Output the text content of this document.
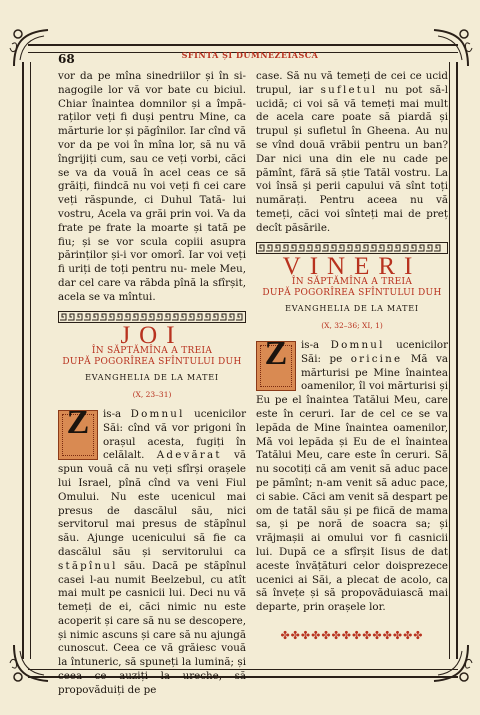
68	SFINTA ȘI DUMNEZEIASCA

vor da pe mîna sinedriilor și în si- nagogile lor vă vor bate cu biciul. Chiar înaintea domnilor și a împă- raților veți fi duși pentru Mine, ca mărturie lor și păgînilor. Iar cînd vă vor da pe voi în mîna lor, să nu vă îngrijiți cum, sau ce veți vorbi, căci se va da vouă în acel ceas ce să grăiți, fiindcă nu voi veți fi cei care veți răspunde, ci Duhul Tată- lui vostru, Acela va grăi prin voi. Va da frate pe frate la moarte și tată pe fiu; și se vor scula copiii asupra părinților și-i vor omorî. Iar voi veți fi uriți de toți pentru nu- mele Meu, dar cel care va răbda pînă la sfîrșit, acela se va mîntui.

JOI
ÎN SĂPTĂMÎNA A TREIA
DUPĂ POGORÎREA SFÎNTULUI DUH
EVANGHELIA DE LA MATEI
(X, 23–31)

Z	is-a Domnul ucenicilor Săi: cînd vă vor prigoni în orașul acesta, fugiți în celălalt. Adevărat vă spun vouă că nu veți sfîrși orașele lui Israel, pînă cînd va veni Fiul Omului. Nu este ucenicul mai presus de dascălul său, nici servitorul mai presus de stăpînul său. Ajunge ucenicului să fie ca dascălul său și servitorului ca stăpînul său. Dacă pe stăpînul casei l-au numit Beelzebul, cu atît mai mult pe casnicii lui. Deci nu vă temeți de ei, căci nimic nu este acoperit și care să nu se descopere, și nimic ascuns și care să nu ajungă cunoscut. Ceea ce vă grăiesc vouă la întuneric, să spuneți la lumină; și ceea ce auziți la ureche, să propovăduiți de pe

case. Să nu vă temeți de cei ce ucid trupul, iar sufletul nu pot să-l ucidă; ci voi să vă temeți mai mult de acela care poate să piardă și trupul și sufletul în Gheena. Au nu se vînd două vrăbii pentru un ban? Dar nici una din ele nu cade pe pămînt, fără să știe Tatăl vostru. La voi însă și perii capului vă sînt toți numărați. Pentru aceea nu vă temeți, căci voi sînteți mai de preț decît păsările.

VINERI
ÎN SĂPTĂMÎNA A TREIA
DUPĂ POGORÎREA SFÎNTULUI DUH
EVANGHELIA DE LA MATEI
(X, 32–36; XI, 1)

Z	is-a Domnul ucenicilor Săi: pe oricine Mă va mărturisi pe Mine înaintea oamenilor, îl voi mărturisi și Eu pe el înaintea Tatălui Meu, care este în ceruri. Iar de cel ce se va lepăda de Mine înaintea oamenilor, Mă voi lepăda și Eu de el înaintea Tatălui Meu, care este în ceruri. Să nu socotiți că am venit să aduc pace pe pămînt; n-am venit să aduc pace, ci sabie. Căci am venit să despart pe om de tatăl său și pe fiică de mama sa, și pe noră de soacra sa; și vrăjmașii ai omului vor fi casnicii lui. După ce a sfîrșit Iisus de dat aceste învățături celor doisprezece ucenici ai Săi, a plecat de acolo, ca să învețe și să propovăduiască mai departe, prin orașele lor.

✤✤✤✤✤✤✤✤✤✤✤✤✤✤
